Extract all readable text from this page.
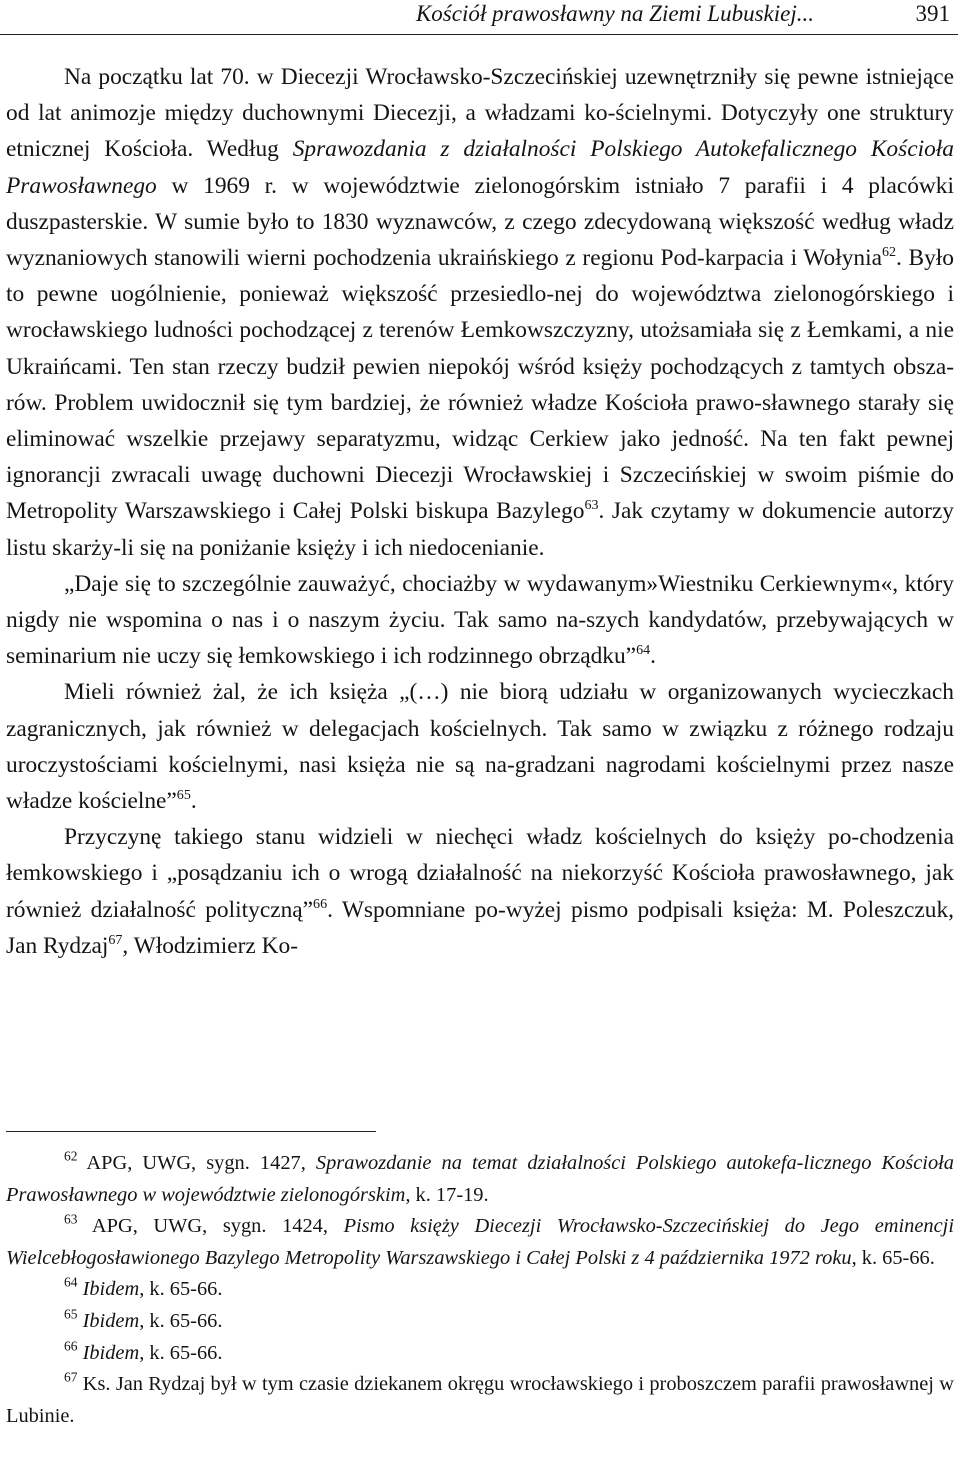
Kościół prawosławny na Ziemi Lubuskiej...	391

Na początku lat 70. w Diecezji Wrocławsko-Szczecińskiej uzewnętrzniły się pewne istniejące od lat animozje między duchownymi Diecezji, a władzami ko-ścielnymi. Dotyczyły one struktury etnicznej Kościoła. Według Sprawozdania z działalności Polskiego Autokefalicznego Kościoła Prawosławnego w 1969 r. w województwie zielonogórskim istniało 7 parafii i 4 placówki duszpasterskie. W sumie było to 1830 wyznawców, z czego zdecydowaną większość według władz wyznaniowych stanowili wierni pochodzenia ukraińskiego z regionu Pod-karpacia i Wołynia$^{62}$. Było to pewne uogólnienie, ponieważ większość przesiedlo-nej do województwa zielonogórskiego i wrocławskiego ludności pochodzącej z terenów Łemkowszczyzny, utożsamiała się z Łemkami, a nie Ukraińcami. Ten stan rzeczy budził pewien niepokój wśród księży pochodzących z tamtych obsza-rów. Problem uwidocznił się tym bardziej, że również władze Kościoła prawo-sławnego starały się eliminować wszelkie przejawy separatyzmu, widząc Cerkiew jako jedność. Na ten fakt pewnej ignorancji zwracali uwagę duchowni Diecezji Wrocławskiej i Szczecińskiej w swoim piśmie do Metropolity Warszawskiego i Całej Polski biskupa Bazylego$^{63}$. Jak czytamy w dokumencie autorzy listu skarży-li się na poniżanie księży i ich niedocenianie.

„Daje się to szczególnie zauważyć, chociażby w wydawanym»Wiestniku Cerkiewnym«, który nigdy nie wspomina o nas i o naszym życiu. Tak samo na-szych kandydatów, przebywających w seminarium nie uczy się łemkowskiego i ich rodzinnego obrządku”$^{64}$.

Mieli również żal, że ich księża „(…) nie biorą udziału w organizowanych wycieczkach zagranicznych, jak również w delegacjach kościelnych. Tak samo w związku z różnego rodzaju uroczystościami kościelnymi, nasi księża nie są na-gradzani nagrodami kościelnymi przez nasze władze kościelne”$^{65}$.

Przyczynę takiego stanu widzieli w niechęci władz kościelnych do księży po-chodzenia łemkowskiego i „posądzaniu ich o wrogą działalność na niekorzyść Kościoła prawosławnego, jak również działalność polityczną”$^{66}$. Wspomniane po-wyżej pismo podpisali księża: M. Poleszczuk, Jan Rydzaj$^{67}$, Włodzimierz Ko-

$^{62}$ APG, UWG, sygn. 1427, Sprawozdanie na temat działalności Polskiego autokefa-licznego Kościoła Prawosławnego w województwie zielonogórskim, k. 17-19.

$^{63}$ APG, UWG, sygn. 1424, Pismo księży Diecezji Wrocławsko-Szczecińskiej do Jego eminencji Wielcebłogosławionego Bazylego Metropolity Warszawskiego i Całej Polski z 4 października 1972 roku, k. 65-66.

$^{64}$ Ibidem, k. 65-66.

$^{65}$ Ibidem, k. 65-66.

$^{66}$ Ibidem, k. 65-66.

$^{67}$ Ks. Jan Rydzaj był w tym czasie dziekanem okręgu wrocławskiego i proboszczem parafii prawosławnej w Lubinie.
